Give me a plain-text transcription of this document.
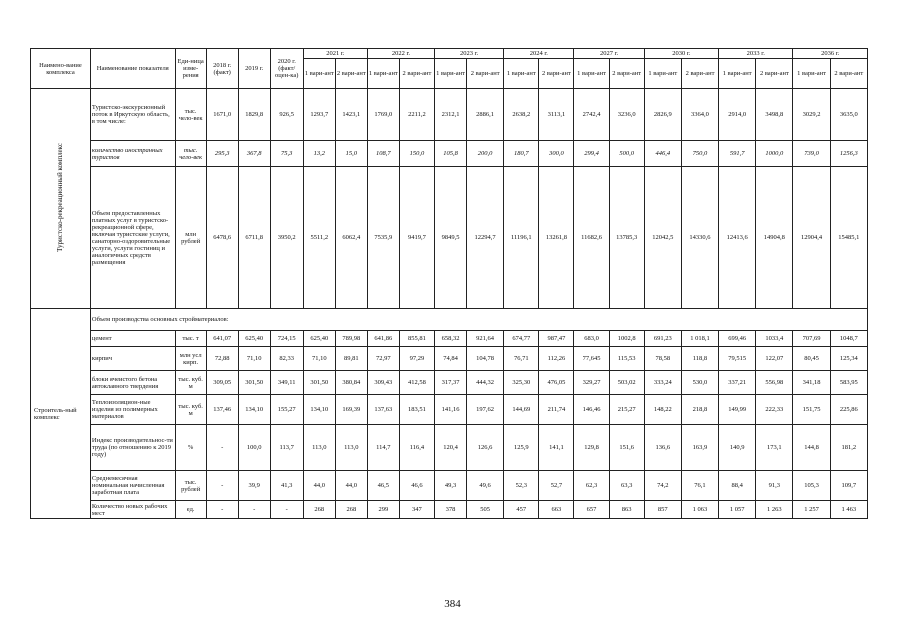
Наимено-вание комплекса	Наименование показателя	Еди-ница изме-рения	2018 г. (факт)	2019 г.	2020 г. (факт/ оцен-ка)	2021 г.		2022 г.		2023 г.		2024 г.		2027 г.		2030 г.		2033 г.		2036 г.	
						1 вари-ант	2 вари-ант	1 вари-ант	2 вари-ант	1 вари-ант	2 вари-ант	1 вари-ант	2 вари-ант	1 вари-ант	2 вари-ант	1 вари-ант	2 вари-ант	1 вари-ант	2 вари-ант	1 вари-ант	2 вари-ант
Туристско-рекреационный комплекс	Туристско-экскурсионный поток в Иркутскую область, в том числе:	тыс. чело-век	1671,0	1829,8	926,5	1293,7	1423,1	1769,0	2211,2	2312,1	2886,1	2638,2	3113,1	2742,4	3236,0	2826,9	3364,0	2914,0	3498,8	3029,2	3635,0
	количество иностранных туристов	тыс. чело-век	295,3	367,8	75,3	13,2	15,0	108,7	150,0	105,8	200,0	180,7	300,0	299,4	500,0	446,4	750,0	591,7	1000,0	739,0	1256,3
	Объем предоставленных платных услуг в туристско-рекреационной сфере, включая туристские услуги, санаторно-оздоровительные услуги, услуги гостиниц и аналогичных средств размещения	млн рублей	6478,6	6711,8	3950,2	5511,2	6062,4	7535,9	9419,7	9849,5	12294,7	11196,1	13261,8	11682,6	13785,3	12042,5	14330,6	12413,6	14904,8	12904,4	15485,1
Строитель-ный комплекс	Объем производства основных стройматериалов:																				
	цемент	тыс. т	641,07	625,40	724,15	625,40	789,98	641,86	855,81	658,32	921,64	674,77	987,47	683,0	1002,8	691,23	1 018,1	699,46	1033,4	707,69	1048,7
	кирпич	млн усл кирп.	72,88	71,10	82,33	71,10	89,81	72,97	97,29	74,84	104,78	76,71	112,26	77,645	115,53	78,58	118,8	79,515	122,07	80,45	125,34
	блоки ячеистого бетона автоклавного твердения	тыс. куб. м	309,05	301,50	349,11	301,50	380,84	309,43	412,58	317,37	444,32	325,30	476,05	329,27	503,02	333,24	530,0	337,21	556,98	341,18	583,95
	Теплоизоляцион-ные изделия из полимерных материалов	тыс. куб. м	137,46	134,10	155,27	134,10	169,39	137,63	183,51	141,16	197,62	144,69	211,74	146,46	215,27	148,22	218,8	149,99	222,33	151,75	225,86
	Индекс производительнос-ти труда (по отношению к 2019 году)	%	-	100,0	113,7	113,0	113,0	114,7	116,4	120,4	126,6	125,9	141,1	129,8	151,6	136,6	163,9	140,9	173,1	144,8	181,2
	Среднемесячная номинальная начисленная заработная плата	тыс. рублей	-	39,9	41,3	44,0	44,0	46,5	46,6	49,3	49,6	52,3	52,7	62,3	63,3	74,2	76,1	88,4	91,3	105,3	109,7
	Количество новых рабочих мест	ед.	-	-	-	268	268	299	347	378	505	457	663	657	863	857	1 063	1 057	1 263	1 257	1 463
384
